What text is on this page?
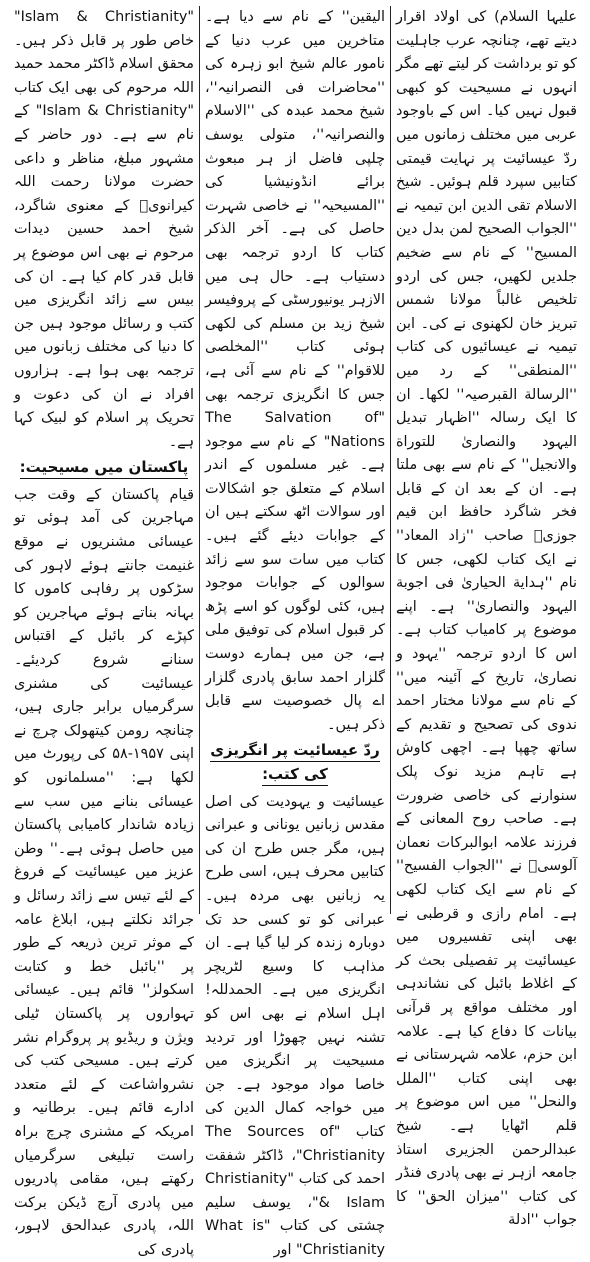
علیہا السلام) کی اولاد اقرار دیتے تھے، چنانچہ عرب جاہلیت کو تو برداشت کر لیتے تھے مگر انہوں نے مسیحیت کو کبھی قبول نہیں کیا۔ اس کے باوجود عربی میں مختلف زمانوں میں ردّ عیسائیت پر نہایت قیمتی کتابیں سپرد قلم ہوئیں۔ شیخ الاسلام تقی الدین ابن تیمیہ نے ''الجواب الصحیح لمن بدل دین المسیح'' کے نام سے ضخیم جلدیں لکھیں، جس کی اردو تلخیص غالباً مولانا شمس تبریز خان لکھنوی نے کی۔ ابن تیمیہ نے عیسائیوں کی کتاب ''المنطقی'' کے رد میں ''الرسالة القبرصیہ'' لکھا۔ ان کا ایک رسالہ ''اظہار تبدیل الیہود والنصاریٰ للتوراة والانجیل'' کے نام سے بھی ملتا ہے۔ ان کے بعد ان کے قابل فخر شاگرد حافظ ابن قیم جوزیؒ صاحب ''زاد المعاد'' نے ایک کتاب لکھی، جس کا نام ''ہدایة الحیاریٰ فی اجوبة الیہود والنصاریٰ'' ہے۔ اپنے موضوع پر کامیاب کتاب ہے۔ اس کا اردو ترجمہ ''یہود و نصاریٰ، تاریخ کے آئینہ میں'' کے نام سے مولانا مختار احمد ندوی کی تصحیح و تقدیم کے ساتھ چھپا ہے۔ اچھی کاوش ہے تاہم مزید نوک پلک سنوارنے کی خاصی ضرورت ہے۔ صاحب روح المعانی کے فرزند علامہ ابوالبرکات نعمان آلوسیؒ نے ''الجواب الفسیح'' کے نام سے ایک کتاب لکھی ہے۔ امام رازی و قرطبی نے بھی اپنی تفسیروں میں عیسائیت پر تفصیلی بحث کر کے اغلاط بائبل کی نشاندہی اور مختلف مواقع پر قرآنی بیانات کا دفاع کیا ہے۔ علامہ ابن حزم، علامہ شہرستانی نے بھی اپنی کتاب ''الملل والنحل'' میں اس موضوع پر قلم اٹھایا ہے۔ شیخ عبدالرحمن الجزیری استاذ جامعہ ازہر نے بھی پادری فنڈر کی کتاب ''میزان الحق'' کا جواب ''ادلة

الیقین'' کے نام سے دیا ہے۔ متاخرین میں عرب دنیا کے نامور عالم شیخ ابو زہرہ کی ''محاضرات فی النصرانیہ''، شیخ محمد عبدہ کی ''الاسلام والنصرانیہ''، متولی یوسف چلپی فاضل از ہر مبعوث برائے انڈونیشیا کی ''المسیحیہ'' نے خاصی شہرت حاصل کی ہے۔ آخر الذکر کتاب کا اردو ترجمہ بھی دستیاب ہے۔ حال ہی میں الازہر یونیورسٹی کے پروفیسر شیخ زید بن مسلم کی لکھی ہوئی کتاب ''المخلصی للاقوام'' کے نام سے آئی ہے، جس کا انگریزی ترجمہ بھی "The Salvation of Nations" کے نام سے موجود ہے۔ غیر مسلموں کے اندر اسلام کے متعلق جو اشکالات اور سوالات اٹھ سکتے ہیں ان کے جوابات دیئے گئے ہیں۔ کتاب میں سات سو سے زائد سوالوں کے جوابات موجود ہیں، کئی لوگوں کو اسے پڑھ کر قبول اسلام کی توفیق ملی ہے، جن میں ہمارے دوست گلزار احمد سابق پادری گلزار اے پال خصوصیت سے قابل ذکر ہیں۔

ردّ عیسائیت پر انگریزی کی کتب:

عیسائیت و یہودیت کی اصل مقدس زبانیں یونانی و عبرانی ہیں، مگر جس طرح ان کی کتابیں محرف ہیں، اسی طرح یہ زبانیں بھی مردہ ہیں۔ عبرانی کو تو کسی حد تک دوبارہ زندہ کر لیا گیا ہے۔ ان مذاہب کا وسیع لٹریچر انگریزی میں ہے۔ الحمدللہ! اہل اسلام نے بھی اس کو تشنہ نہیں چھوڑا اور تردید مسیحیت پر انگریزی میں خاصا مواد موجود ہے۔ جن میں خواجہ کمال الدین کی کتاب "The Sources of Christianity"، ڈاکٹر شفقت احمد کی کتاب "Christianity & Islam"، یوسف سلیم چشتی کی کتاب "What is Christianity" اور

"Islam & Christianity" خاص طور پر قابل ذکر ہیں۔ محقق اسلام ڈاکٹر محمد حمید اللہ مرحوم کی بھی ایک کتاب "Islam & Christianity" کے نام سے ہے۔ دور حاضر کے مشہور مبلغ، مناظر و داعی حضرت مولانا رحمت اللہ کیرانویؒ کے معنوی شاگرد، شیخ احمد حسین دیدات مرحوم نے بھی اس موضوع پر قابل قدر کام کیا ہے۔ ان کی بیس سے زائد انگریزی میں کتب و رسائل موجود ہیں جن کا دنیا کی مختلف زبانوں میں ترجمہ بھی ہوا ہے۔ ہزاروں افراد نے ان کی دعوت و تحریک پر اسلام کو لبیک کہا ہے۔

پاکستان میں مسیحیت:

قیام پاکستان کے وقت جب مہاجرین کی آمد ہوئی تو عیسائی مشنریوں نے موقع غنیمت جانتے ہوئے لاہور کی سڑکوں پر رفاہی کاموں کا بہانہ بناتے ہوئے مہاجرین کو کپڑے کر بائبل کے اقتباس سنانے شروع کردیئے۔ عیسائیت کی مشنری سرگرمیاں برابر جاری ہیں، چنانچہ رومن کیتھولک چرچ نے اپنی ۱۹۵۷-۵۸ کی رپورٹ میں لکھا ہے: ''مسلمانوں کو عیسائی بنانے میں سب سے زیادہ شاندار کامیابی پاکستان میں حاصل ہوئی ہے۔'' وطن عزیز میں عیسائیت کے فروغ کے لئے تیس سے زائد رسائل و جرائد نکلتے ہیں، ابلاغ عامہ کے موثر ترین ذریعہ کے طور پر ''بائبل خط و کتابت اسکولز'' قائم ہیں۔ عیسائی تہواروں پر پاکستان ٹیلی ویژن و ریڈیو پر پروگرام نشر کرتے ہیں۔ مسیحی کتب کی نشرواشاعت کے لئے متعدد ادارے قائم ہیں۔ برطانیہ و امریکہ کے مشنری چرچ براہ راست تبلیغی سرگرمیاں رکھتے ہیں، مقامی پادریوں میں پادری آرچ ڈیکن برکت اللہ، پادری عبدالحق لاہور، پادری کی
